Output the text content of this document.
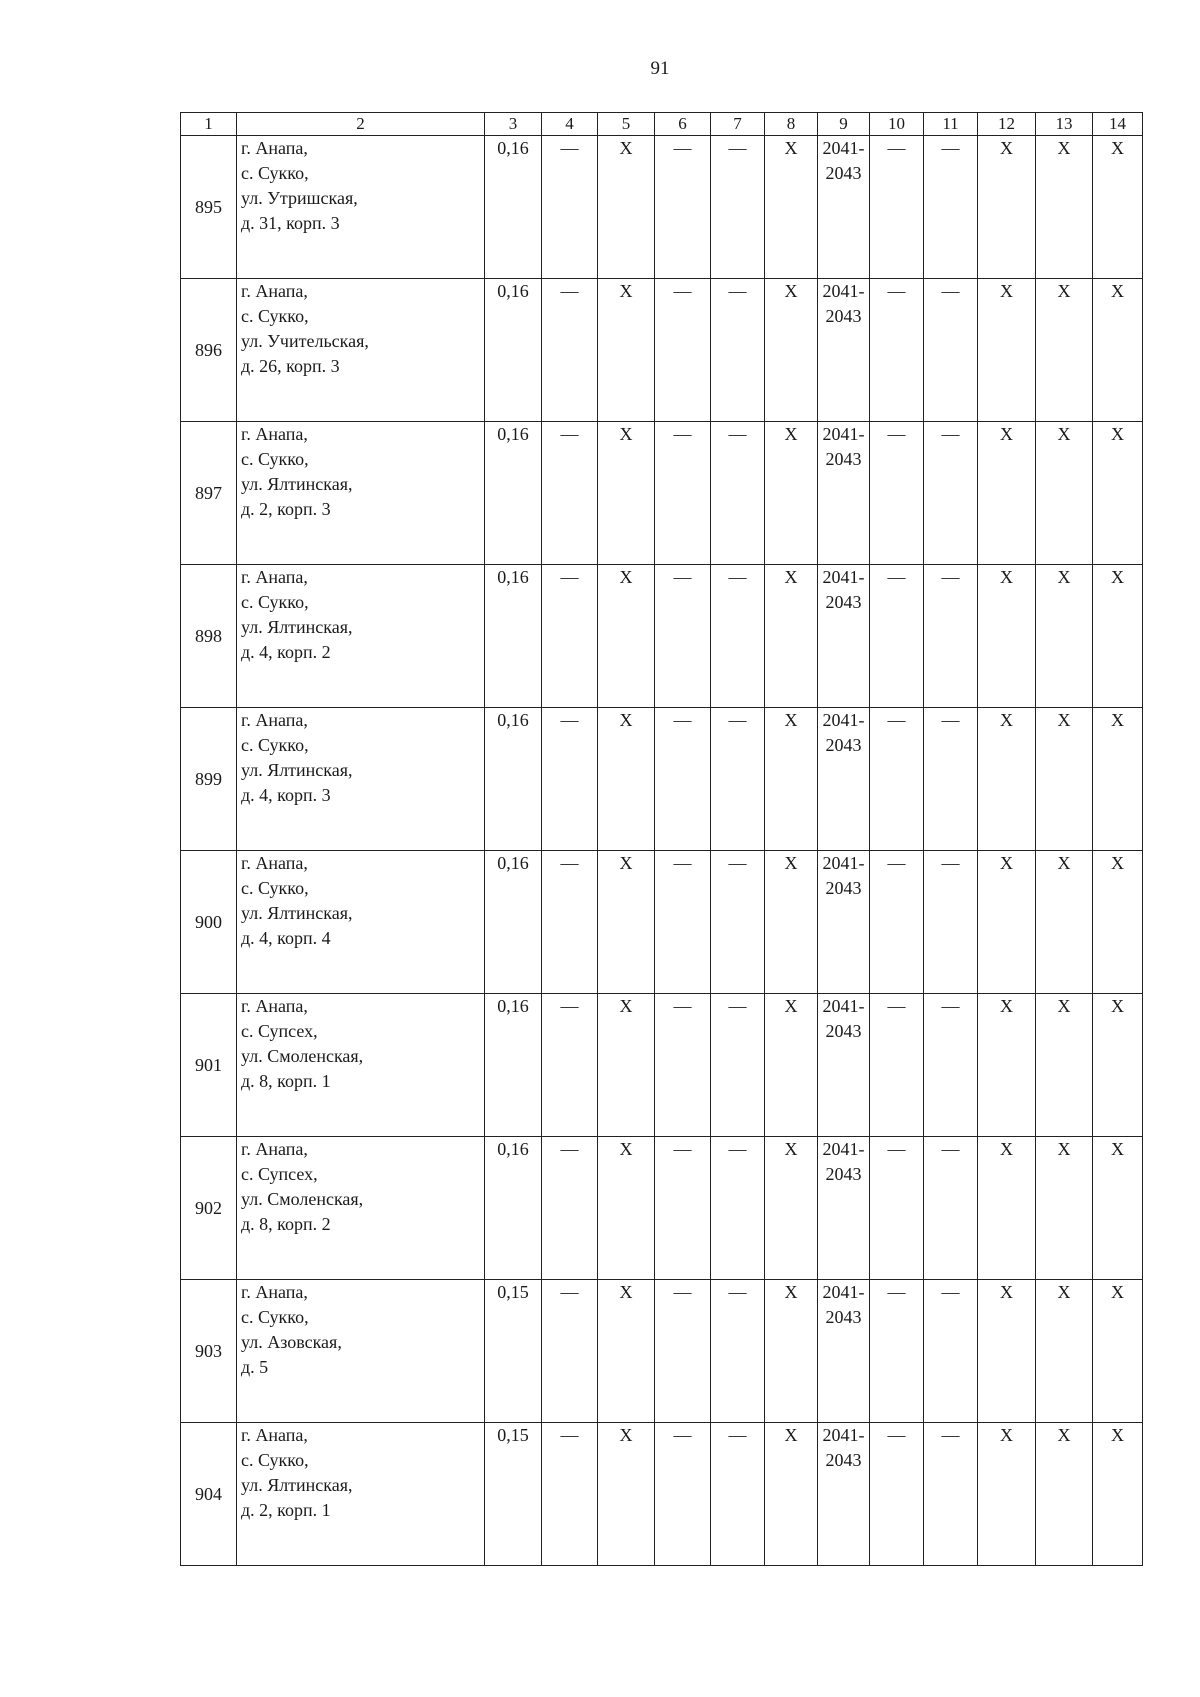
91
1	2	3	4	5	6	7	8	9	10	11	12	13	14
895	г. Анапа,
с. Сукко,
ул. Утришская,
д. 31, корп. 3	0,16	—	X	—	—	X	2041-
2043	—	—	X	X	X
896	г. Анапа,
с. Сукко,
ул. Учительская,
д. 26, корп. 3	0,16	—	X	—	—	X	2041-
2043	—	—	X	X	X
897	г. Анапа,
с. Сукко,
ул. Ялтинская,
д. 2, корп. 3	0,16	—	X	—	—	X	2041-
2043	—	—	X	X	X
898	г. Анапа,
с. Сукко,
ул. Ялтинская,
д. 4, корп. 2	0,16	—	X	—	—	X	2041-
2043	—	—	X	X	X
899	г. Анапа,
с. Сукко,
ул. Ялтинская,
д. 4, корп. 3	0,16	—	X	—	—	X	2041-
2043	—	—	X	X	X
900	г. Анапа,
с. Сукко,
ул. Ялтинская,
д. 4, корп. 4	0,16	—	X	—	—	X	2041-
2043	—	—	X	X	X
901	г. Анапа,
с. Супсех,
ул. Смоленская,
д. 8, корп. 1	0,16	—	X	—	—	X	2041-
2043	—	—	X	X	X
902	г. Анапа,
с. Супсех,
ул. Смоленская,
д. 8, корп. 2	0,16	—	X	—	—	X	2041-
2043	—	—	X	X	X
903	г. Анапа,
с. Сукко,
ул. Азовская,
д. 5	0,15	—	X	—	—	X	2041-
2043	—	—	X	X	X
904	г. Анапа,
с. Сукко,
ул. Ялтинская,
д. 2, корп. 1	0,15	—	X	—	—	X	2041-
2043	—	—	X	X	X
